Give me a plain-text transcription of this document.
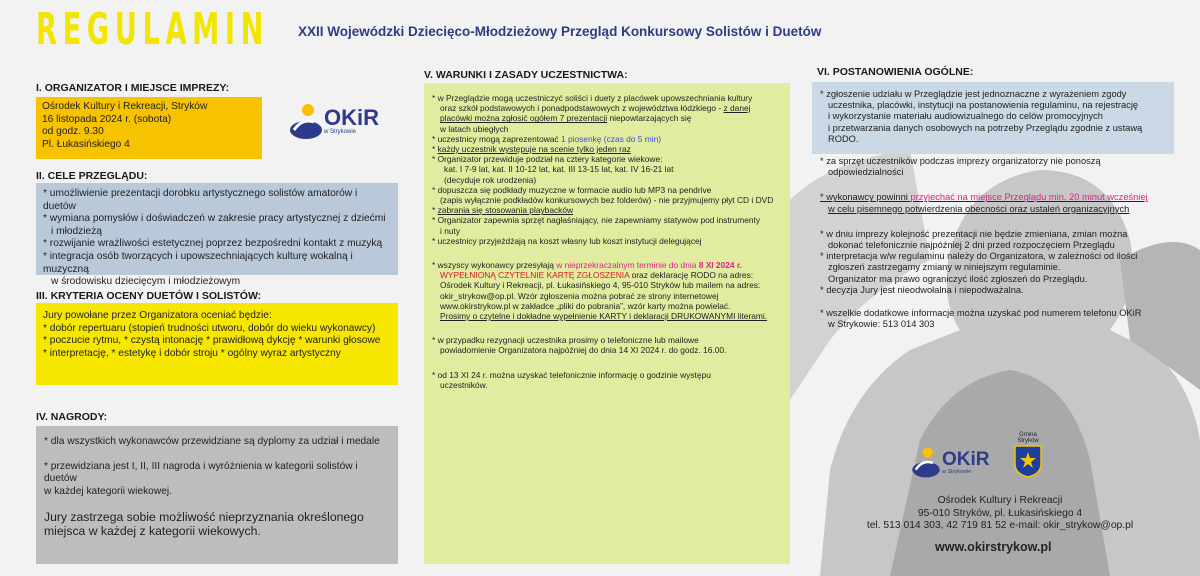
REGULAMIN XXII Wojewódzki Dziecięco-Młodzieżowy Przegląd Konkursowy Solistów i Duetów
I. ORGANIZATOR I MIEJSCE IMPREZY:

Ośrodek Kultury i Rekreacji, Stryków

16 listopada 2024 r. (sobota)

od godz. 9.30

Pl. Łukasińskiego 4

OKiR
w Strykowie
II. CELE PRZEGLĄDU:

* umożliwienie prezentacji dorobku artystycznego solistów amatorów i duetów

* wymiana pomysłów i doświadczeń w zakresie pracy artystycznej z dziećmi

i młodzieżą

* rozwijanie wrażliwości estetycznej poprzez bezpośredni kontakt z muzyką

* integracja osób tworzących i upowszechniających kulturę wokalną i muzyczną

w środowisku dziecięcym i młodzieżowym

III. KRYTERIA OCENY DUETÓW I SOLISTÓW:

Jury powołane przez Organizatora oceniać będzie:

* dobór repertuaru (stopień trudności utworu, dobór do wieku wykonawcy)

* poczucie rytmu, * czystą intonację * prawidłową dykcję * warunki głosowe

* interpretację, * estetykę i dobór stroju * ogólny wyraz artystyczny

IV. NAGRODY:

* dla wszystkich wykonawców przewidziane są dyplomy za udział i medale

* przewidziana jest I, II, III nagroda i wyróżnienia w kategorii solistów i duetów

w każdej kategorii wiekowej.

Jury zastrzega sobie możliwość nieprzyznania określonego miejsca w każdej z kategorii wiekowych.

V. WARUNKI I ZASADY UCZESTNICTWA:

* w Przeglądzie mogą uczestniczyć soliści i duety z placówek upowszechniania kultury

oraz szkół podstawowych i ponadpodstawowych z województwa łódzkiego - z danej placówki można zgłosić ogółem 7 prezentacji niepowtarzających się

w latach ubiegłych

* uczestnicy mogą zaprezentować 1 piosenkę (czas do 5 min)

* każdy uczestnik występuje na scenie tylko jeden raz

* Organizator przewiduje podział na cztery kategorie wiekowe:

kat. I 7-9 lat, kat. II 10-12 lat, kat. III 13-15 lat, kat. IV 16-21 lat

(decyduje rok urodzenia)

* dopuszcza się podkłady muzyczne w formacie audio lub MP3 na pendrive

(zapis wyłącznie podkładów konkursowych bez folderów) - nie przyjmujemy płyt CD i DVD

* zabrania się stosowania playbacków

* Organizator zapewnia sprzęt nagłaśniający, nie zapewniamy statywów pod instrumenty

i nuty

* uczestnicy przyjeżdżają na koszt własny lub koszt instytucji delegującej

* wszyscy wykonawcy przesyłają w nieprzekraczalnym terminie do dnia 8 XI 2024 r.

WYPEŁNIONĄ CZYTELNIE KARTĘ ZGŁOSZENIA oraz deklarację RODO na adres:

Ośrodek Kultury i Rekreacji, pl. Łukasińskiego 4, 95-010 Stryków lub mailem na adres:

okir_strykow@op.pl. Wzór zgłoszenia można pobrać ze strony internetowej

www.okirstrykow.pl w zakładce „pliki do pobrania”, wzór karty można powielać.

Prosimy o czytelne i dokładne wypełnienie KARTY i deklaracji DRUKOWANYMI literami.

* w przypadku rezygnacji uczestnika prosimy o telefoniczne lub mailowe

powiadomienie Organizatora najpóźniej do dnia 14 XI 2024 r. do godz. 16.00.

* od 13 XI 24 r. można uzyskać telefonicznie informację o godzinie występu

uczestników.

VI. POSTANOWIENIA OGÓLNE:

* zgłoszenie udziału w Przeglądzie jest jednoznaczne z wyrażeniem zgody

uczestnika, placówki, instytucji na postanowienia regulaminu, na rejestrację

i wykorzystanie materiału audiowizualnego do celów promocyjnych

i przetwarzania danych osobowych na potrzeby Przeglądu zgodnie z ustawą

RODO.

* za sprzęt uczestników podczas imprezy organizatorzy nie ponoszą

odpowiedzialności

* wykonawcy powinni przyjechać na miejsce Przeglądu min. 20 minut wcześniej

w celu pisemnego potwierdzenia obecności oraz ustaleń organizacyjnych

* w dniu imprezy kolejność prezentacji nie będzie zmieniana, zmian można

dokonać telefonicznie najpóźniej 2 dni przed rozpoczęciem Przeglądu

* interpretacja w/w regulaminu należy do Organizatora, w zależności od ilości

zgłoszeń zastrzegamy zmiany w niniejszym regulaminie.

Organizator ma prawo ograniczyć ilość zgłoszeń do Przeglądu.

* decyzja Jury jest nieodwołalna i niepodważalna.

* wszelkie dodatkowe informacje można uzyskać pod numerem telefonu OKiR

w Strykowie: 513 014 303

OKiR
w Strykowie
Gmina Stryków
Ośrodek Kultury i Rekreacji
95-010 Stryków, pl. Łukasińskiego 4
tel. 513 014 303, 42 719 81 52 e-mail: okir_strykow@op.pl
www.okirstrykow.pl
